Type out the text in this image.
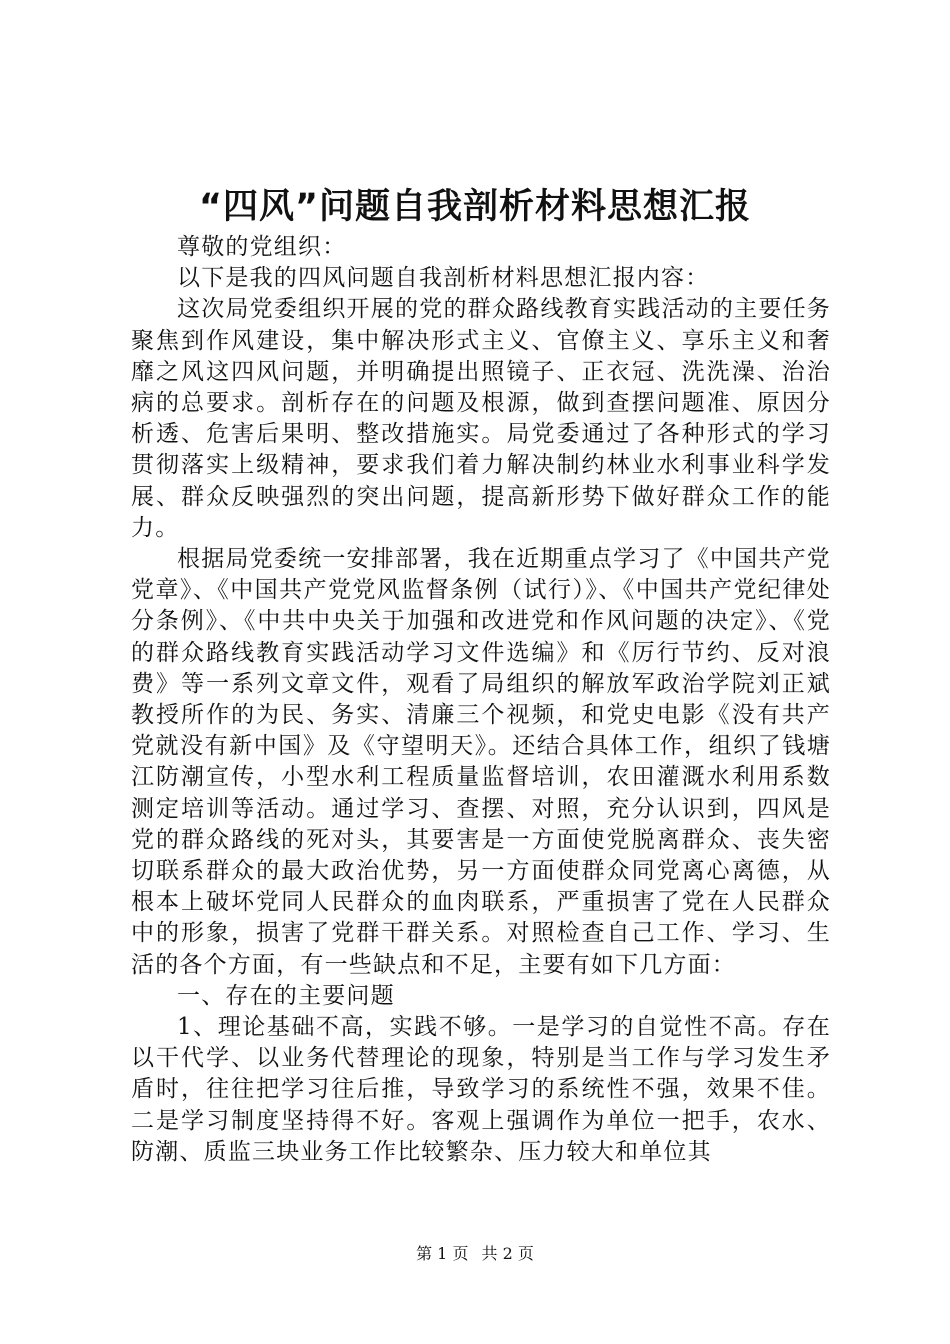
“四风”问题自我剖析材料思想汇报

尊敬的党组织：

以下是我的四风问题自我剖析材料思想汇报内容：

这次局党委组织开展的党的群众路线教育实践活动的主要任务聚焦到作风建设，集中解决形式主义、官僚主义、享乐主义和奢靡之风这四风问题，并明确提出照镜子、正衣冠、洗洗澡、治治病的总要求。剖析存在的问题及根源，做到查摆问题准、原因分析透、危害后果明、整改措施实。局党委通过了各种形式的学习贯彻落实上级精神，要求我们着力解决制约林业水利事业科学发展、群众反映强烈的突出问题，提高新形势下做好群众工作的能力。

根据局党委统一安排部署，我在近期重点学习了《中国共产党党章》、《中国共产党党风监督条例（试行）》、《中国共产党纪律处分条例》、《中共中央关于加强和改进党和作风问题的决定》、《党的群众路线教育实践活动学习文件选编》和《厉行节约、反对浪费》等一系列文章文件，观看了局组织的解放军政治学院刘正斌教授所作的为民、务实、清廉三个视频，和党史电影《没有共产党就没有新中国》及《守望明天》。还结合具体工作，组织了钱塘江防潮宣传，小型水利工程质量监督培训，农田灌溉水利用系数测定培训等活动。通过学习、查摆、对照，充分认识到，四风是党的群众路线的死对头，其要害是一方面使党脱离群众、丧失密切联系群众的最大政治优势，另一方面使群众同党离心离德，从根本上破坏党同人民群众的血肉联系，严重损害了党在人民群众中的形象，损害了党群干群关系。对照检查自己工作、学习、生活的各个方面，有一些缺点和不足，主要有如下几方面：

一、存在的主要问题

1、理论基础不高，实践不够。一是学习的自觉性不高。存在以干代学、以业务代替理论的现象，特别是当工作与学习发生矛盾时，往往把学习往后推，导致学习的系统性不强，效果不佳。二是学习制度坚持得不好。客观上强调作为单位一把手，农水、防潮、质监三块业务工作比较繁杂、压力较大和单位其

第 1 页 共 2 页
